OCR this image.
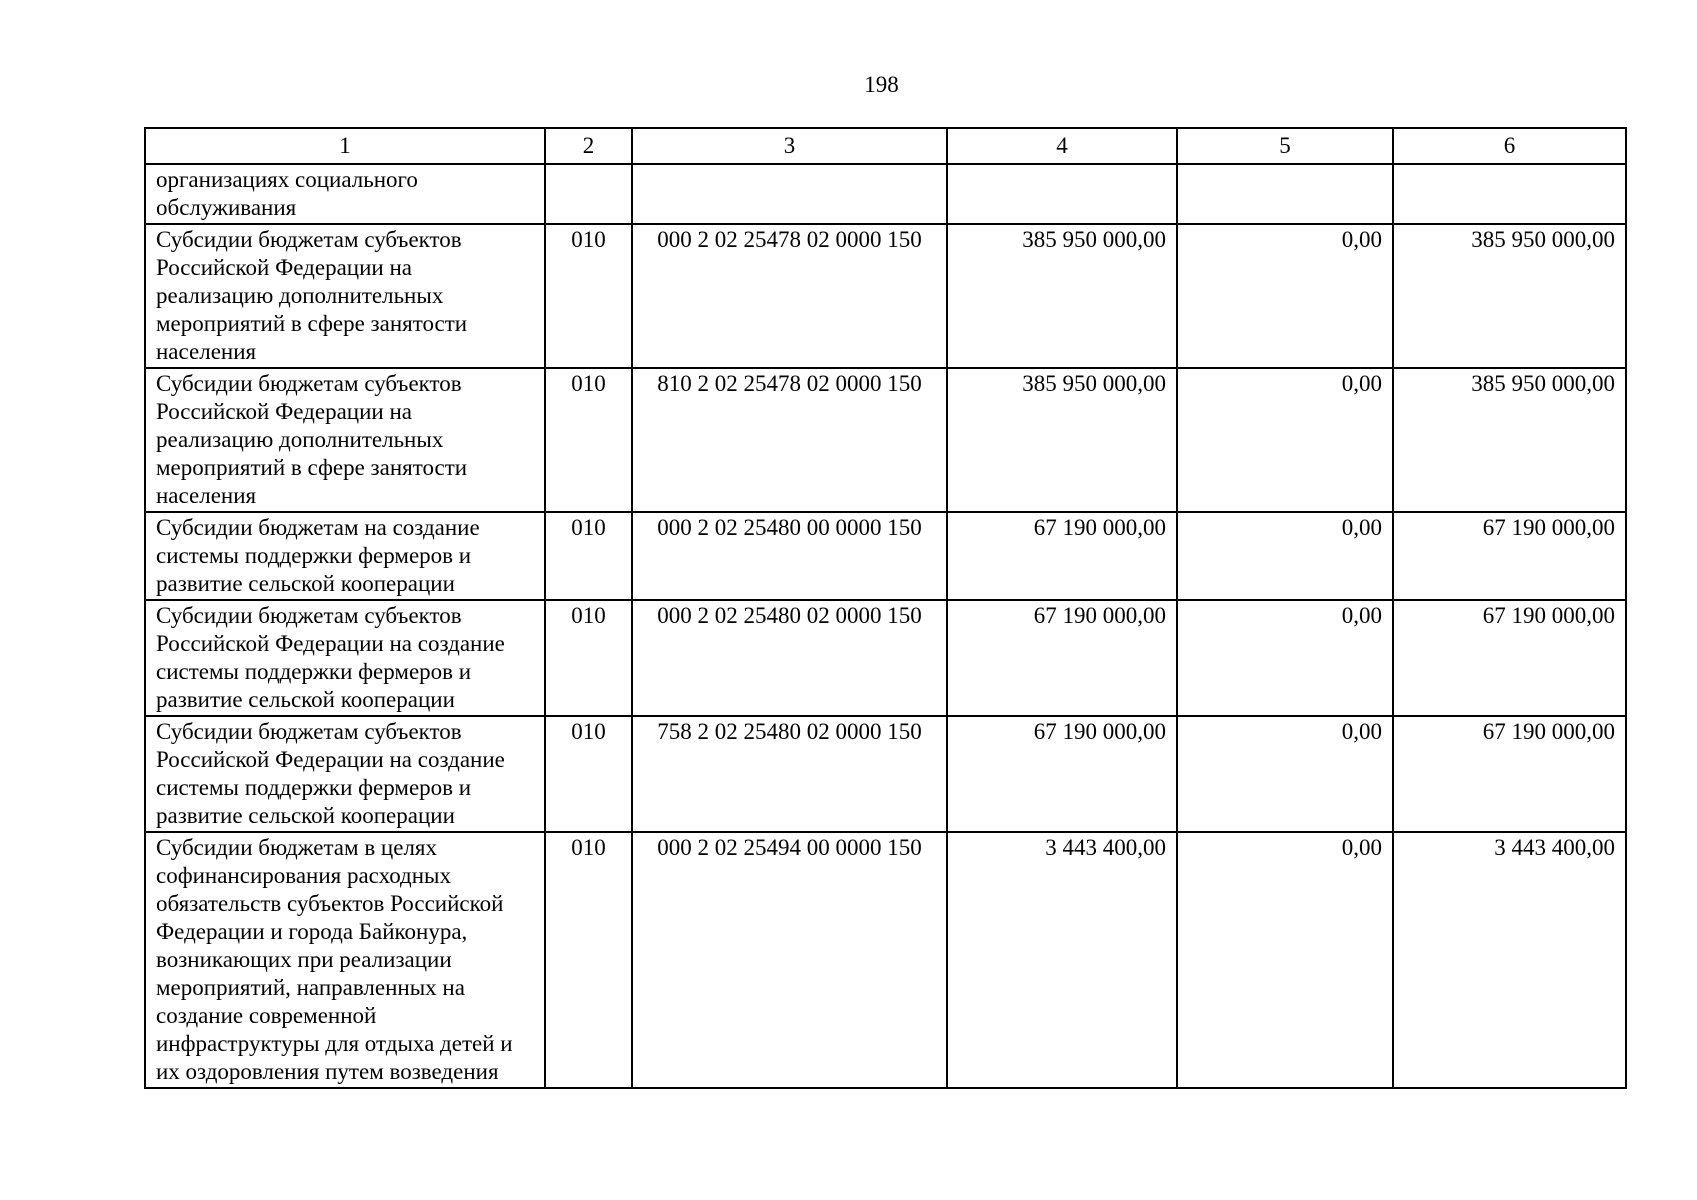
198
1	2	3	4	5	6
организациях социального обслуживания					
Субсидии бюджетам субъектов Российской Федерации на реализацию дополнительных мероприятий в сфере занятости населения	010	000 2 02 25478 02 0000 150	385 950 000,00	0,00	385 950 000,00
Субсидии бюджетам субъектов Российской Федерации на реализацию дополнительных мероприятий в сфере занятости населения	010	810 2 02 25478 02 0000 150	385 950 000,00	0,00	385 950 000,00
Субсидии бюджетам на создание системы поддержки фермеров и развитие сельской кооперации	010	000 2 02 25480 00 0000 150	67 190 000,00	0,00	67 190 000,00
Субсидии бюджетам субъектов Российской Федерации на создание системы поддержки фермеров и развитие сельской кооперации	010	000 2 02 25480 02 0000 150	67 190 000,00	0,00	67 190 000,00
Субсидии бюджетам субъектов Российской Федерации на создание системы поддержки фермеров и развитие сельской кооперации	010	758 2 02 25480 02 0000 150	67 190 000,00	0,00	67 190 000,00
Субсидии бюджетам в целях софинансирования расходных обязательств субъектов Российской Федерации и города Байконура, возникающих при реализации мероприятий, направленных на создание современной инфраструктуры для отдыха детей и их оздоровления путем возведения	010	000 2 02 25494 00 0000 150	3 443 400,00	0,00	3 443 400,00
